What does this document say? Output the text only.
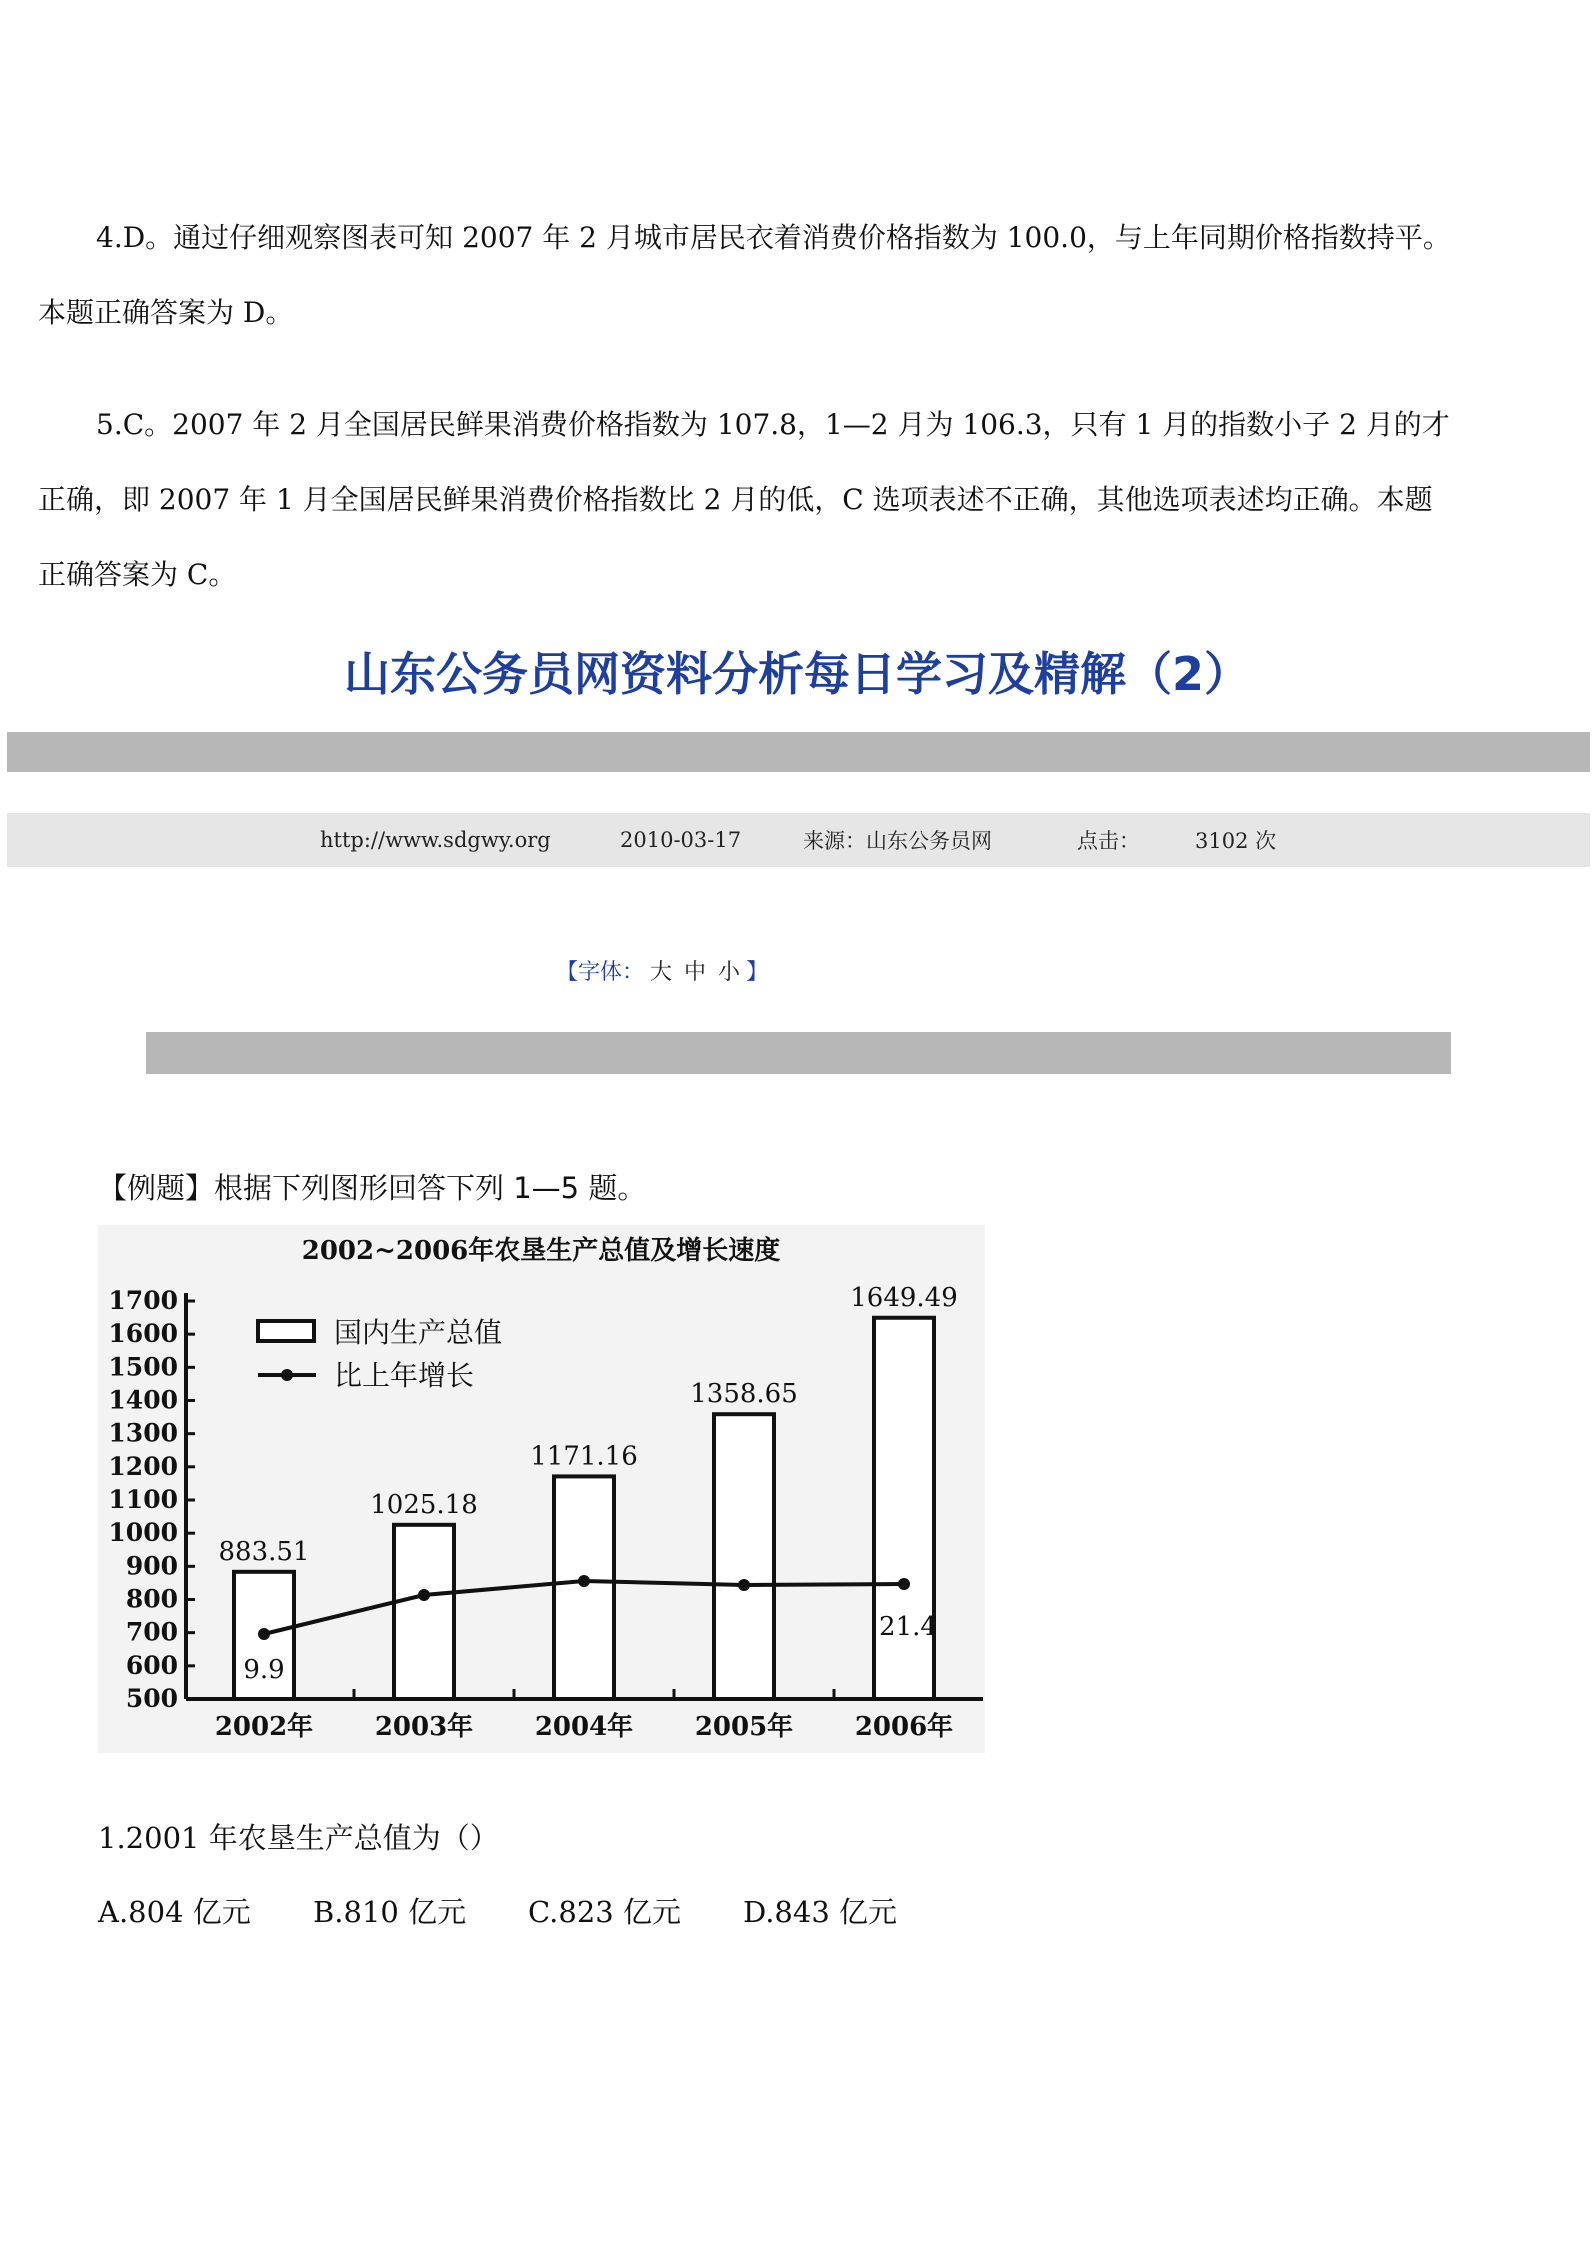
4.D。通过仔细观察图表可知 2007 年 2 月城市居民衣着消费价格指数为 100.0，与上年同期价格指数持平。
本题正确答案为 D。

5.C。2007 年 2 月全国居民鲜果消费价格指数为 107.8，1—2 月为 106.3，只有 1 月的指数小子 2 月的才
正确，即 2007 年 1 月全国居民鲜果消费价格指数比 2 月的低，C 选项表述不正确，其他选项表述均正确。本题
正确答案为 C。

山东公务员网资料分析每日学习及精解（2）
http://www.sdgwy.org	2010-03-17	来源：山东公务员网	点击：	3102 次
【字体： 大 中 小 】
【例题】根据下列图形回答下列 1—5 题。
2002~2006年农垦生产总值及增长速度
500
600
700
800
900
1000
1100
1200
1300
1400
1500
1600
1700
883.51
2002年
1025.18
2003年
1171.16
2004年
1358.65
2005年
1649.49
2006年
9.9
21.4
国内生产总值
比上年增长
1.2001 年农垦生产总值为（）
A.804 亿元 B.810 亿元 C.823 亿元 D.843 亿元
